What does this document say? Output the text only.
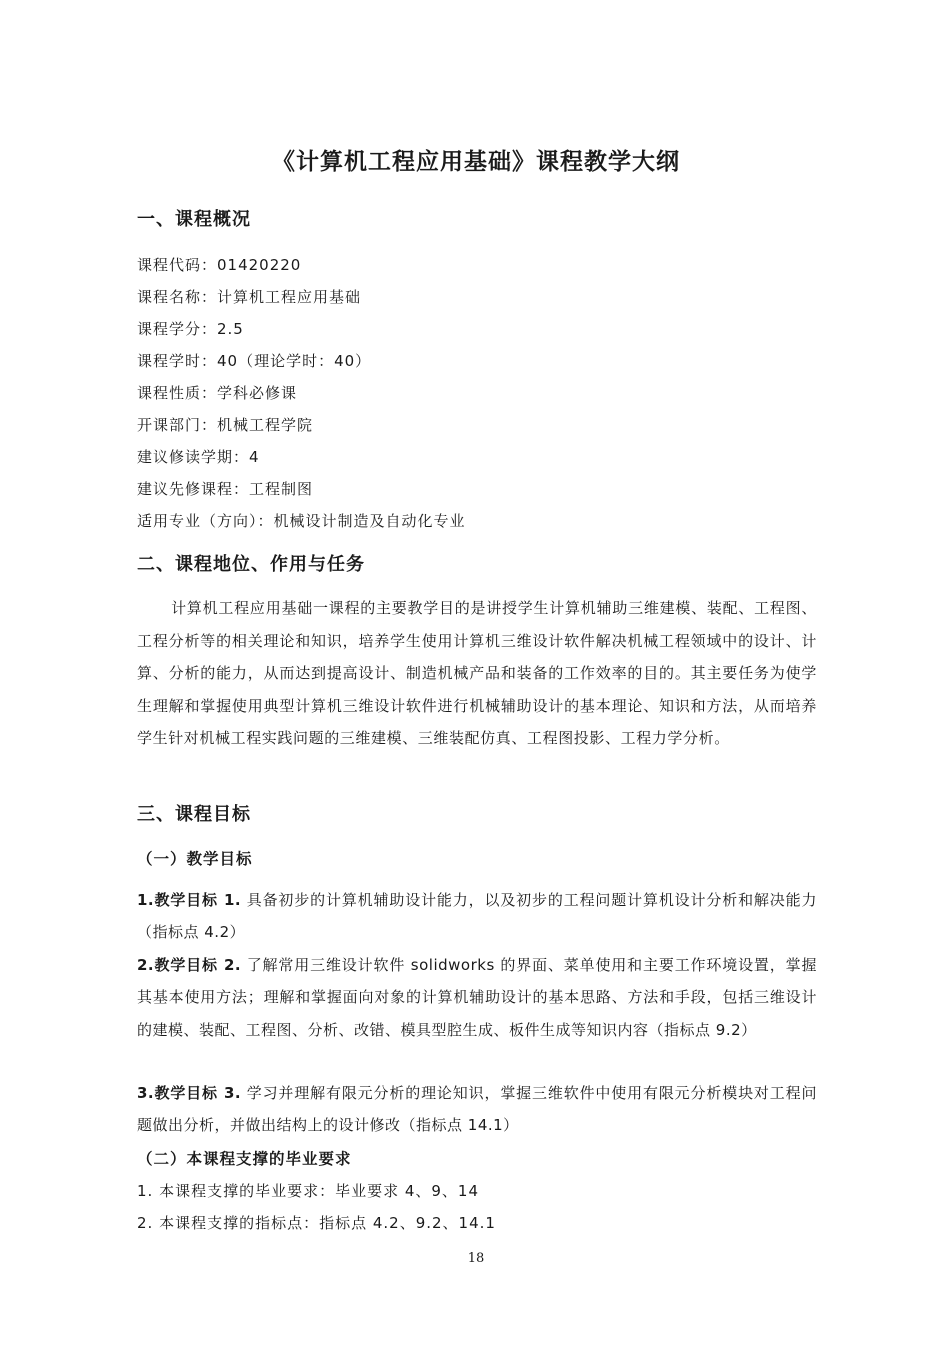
《计算机工程应用基础》课程教学大纲
一、课程概况
课程代码：01420220
课程名称：计算机工程应用基础
课程学分：2.5
课程学时：40（理论学时：40）
课程性质：学科必修课
开课部门：机械工程学院
建议修读学期：4
建议先修课程：工程制图
适用专业（方向）：机械设计制造及自动化专业
二、课程地位、作用与任务
计算机工程应用基础一课程的主要教学目的是讲授学生计算机辅助三维建模、装配、工程图、工程分析等的相关理论和知识，培养学生使用计算机三维设计软件解决机械工程领域中的设计、计算、分析的能力，从而达到提高设计、制造机械产品和装备的工作效率的目的。其主要任务为使学生理解和掌握使用典型计算机三维设计软件进行机械辅助设计的基本理论、知识和方法，从而培养学生针对机械工程实践问题的三维建模、三维装配仿真、工程图投影、工程力学分析。
三、课程目标
（一）教学目标
1.教学目标 1. 具备初步的计算机辅助设计能力，以及初步的工程问题计算机设计分析和解决能力（指标点 4.2）
2.教学目标 2. 了解常用三维设计软件 solidworks 的界面、菜单使用和主要工作环境设置，掌握其基本使用方法；理解和掌握面向对象的计算机辅助设计的基本思路、方法和手段，包括三维设计的建模、装配、工程图、分析、改错、模具型腔生成、板件生成等知识内容（指标点 9.2）
3.教学目标 3. 学习并理解有限元分析的理论知识，掌握三维软件中使用有限元分析模块对工程问题做出分析，并做出结构上的设计修改（指标点 14.1）
（二）本课程支撑的毕业要求
1. 本课程支撑的毕业要求：毕业要求 4、9、14
2. 本课程支撑的指标点：指标点 4.2、9.2、14.1
18
